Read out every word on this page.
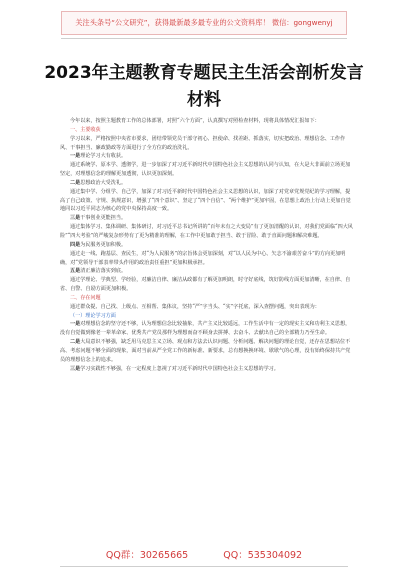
关注头条号“公文研究”，获得最新最多最专业的公文资料库！ 微信：gongwenyj
2023年主题教育专题民主生活会剖析发言材料

今年以来，按照主题教育工作的总体部署，对照“六个方面”，认真撰写对照检查材料，现将具体情况汇报如下：

一、主要收获

学习以来，严格按照中央省市要求，团结带领党员干部守初心、担使命、找差距、抓落实，切实把政治、理想信念、工作作风、干事担当、廉政勤政等方面进行了全方位的政治洗礼。

一是理论学习大有收获。

通过系统学、原本学、透彻学，进一步加深了对习近平新时代中国特色社会主义思想的认同与认知，在大是大非面前立场更加坚定，对理想信念的理解更加透彻，认识更加深刻。

二是思想政治大受洗礼。

通过集中学、分组学、自己学，加深了对习近平新时代中国特色社会主义思想的认识，加深了对党章党规党纪的学习理解，提高了自己政策、守规、执规意识，增强了“四个意识”、坚定了“四个自信”、“两个维护”更加牢固，在思想上政治上行动上更加自觉地同以习近平同志为核心的党中央保持高度一致。

三是干事创业更能担当。

通过集体学习、集体调研、集体研讨，对习近平总书记所讲的“百年未有之大变局”有了更加清醒的认识，对我们党面临“四大风险”“四大考验”的严峻复杂形势有了更为精准的理解，在工作中更加敢于担当、敢于冒险、敢于直面问题和解决难题。

四是为民服务更加积极。

通过走一线、跑基层、查民生，对“为人民服务”的宗旨体会更加深刻，对“以人民为中心、矢志不渝艰苦奋斗”的方向更加明确，对“党领导干部表率带头作用的政治责任重担”更加积极承担。

五是清正廉洁落实到底。

通过学理论、学典型、学经验，对廉洁自律、廉洁从政都有了解更加明朗，时守好底线，筑好防线方面更加清晰，在自律、自省、自警、自励方面更加积极。

二、存在问题

通过群众提、自己找、上级点、互相帮、集体议，坚持“严”字当头、“实”字托底，深入查摆问题，突出表现为：

（一）理论学习方面

一是对理想信念的坚守还不够，认为理想信念比较抽象，共产主义比较遥远，工作生活中有一定的现实主义和功利主义思想，没有自觉做到像老一辈革命家、优秀共产党员那样为理想而奋不顾身去拼搏、去奋斗、去献出自己的全部精力乃至生命。

二是大局意识不够强，缺乏用马克思主义立场、观点和方法去认识问题、分析问题、解决问题的理论自觉，还存在思想站位不高、考虑问题不够全面的现象，面对当前从严全党工作的新标准、新要求，总有想换换环境、歇歇气的心理，没有始终保持共产党员的理想信念上的追求。

三是学习实践性不够强，在一定程度上忽视了对习近平新时代中国特色社会主义思想的学习。

QQ群：30265665	QQ：535304092
